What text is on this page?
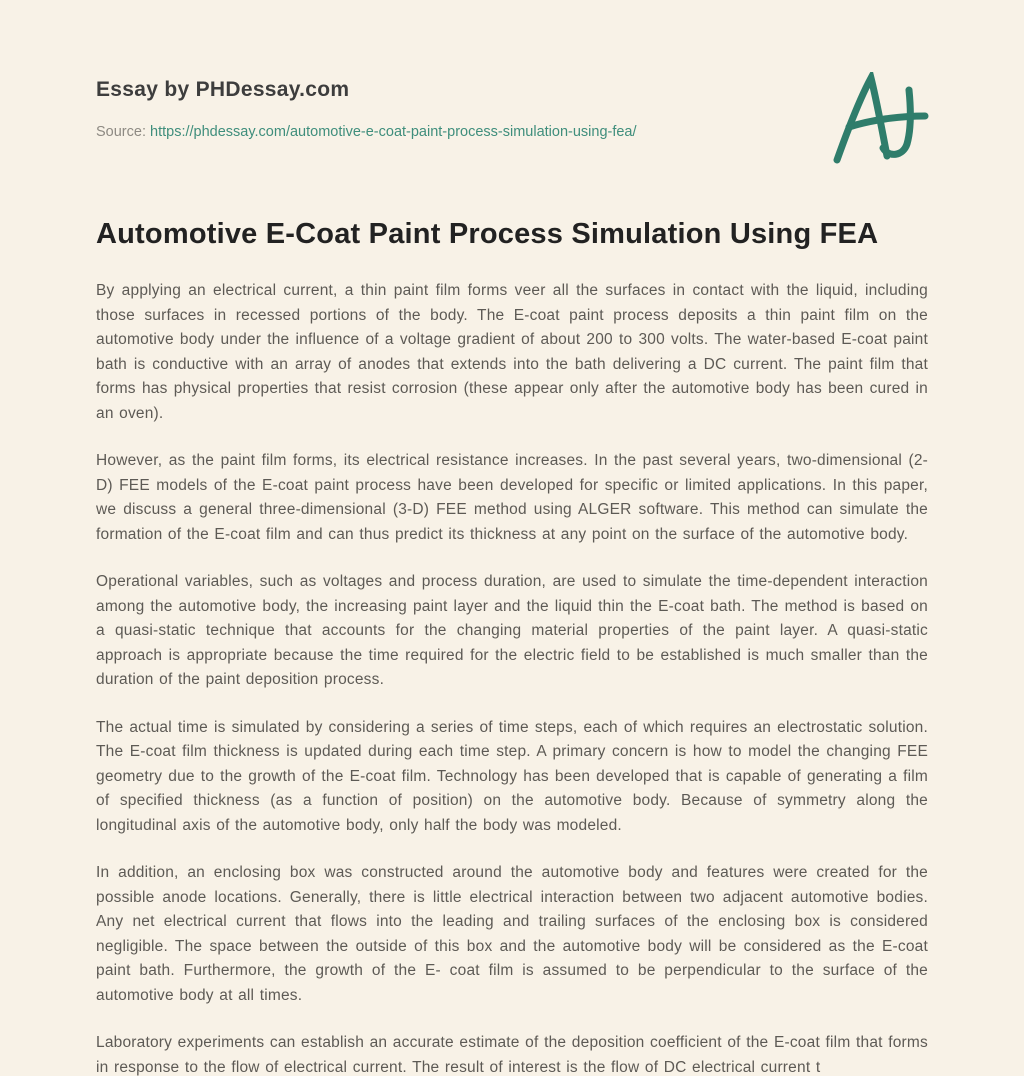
Essay by PHDessay.com
Source: https://phdessay.com/automotive-e-coat-paint-process-simulation-using-fea/
Automotive E-Coat Paint Process Simulation Using FEA

By applying an electrical current, a thin paint film forms veer all the surfaces in contact with the liquid, including those surfaces in recessed portions of the body. The E-coat paint process deposits a thin paint film on the automotive body under the influence of a voltage gradient of about 200 to 300 volts. The water-based E-coat paint bath is conductive with an array of anodes that extends into the bath delivering a DC current. The paint film that forms has physical properties that resist corrosion (these appear only after the automotive body has been cured in an oven).

However, as the paint film forms, its electrical resistance increases. In the past several years, two-dimensional (2-D) FEE models of the E-coat paint process have been developed for specific or limited applications. In this paper, we discuss a general three-dimensional (3-D) FEE method using ALGER software. This method can simulate the formation of the E-coat film and can thus predict its thickness at any point on the surface of the automotive body.

Operational variables, such as voltages and process duration, are used to simulate the time-dependent interaction among the automotive body, the increasing paint layer and the liquid thin the E-coat bath. The method is based on a quasi-static technique that accounts for the changing material properties of the paint layer. A quasi-static approach is appropriate because the time required for the electric field to be established is much smaller than the duration of the paint deposition process.

The actual time is simulated by considering a series of time steps, each of which requires an electrostatic solution. The E-coat film thickness is updated during each time step. A primary concern is how to model the changing FEE geometry due to the growth of the E-coat film. Technology has been developed that is capable of generating a film of specified thickness (as a function of position) on the automotive body. Because of symmetry along the longitudinal axis of the automotive body, only half the body was modeled.

In addition, an enclosing box was constructed around the automotive body and features were created for the possible anode locations. Generally, there is little electrical interaction between two adjacent automotive bodies. Any net electrical current that flows into the leading and trailing surfaces of the enclosing box is considered negligible. The space between the outside of this box and the automotive body will be considered as the E-coat paint bath. Furthermore, the growth of the E- coat film is assumed to be perpendicular to the surface of the automotive body at all times.

Laboratory experiments can establish an accurate estimate of the deposition coefficient of the E-coat film that forms in response to the flow of electrical current. The result of interest is the flow of DC electrical current t
